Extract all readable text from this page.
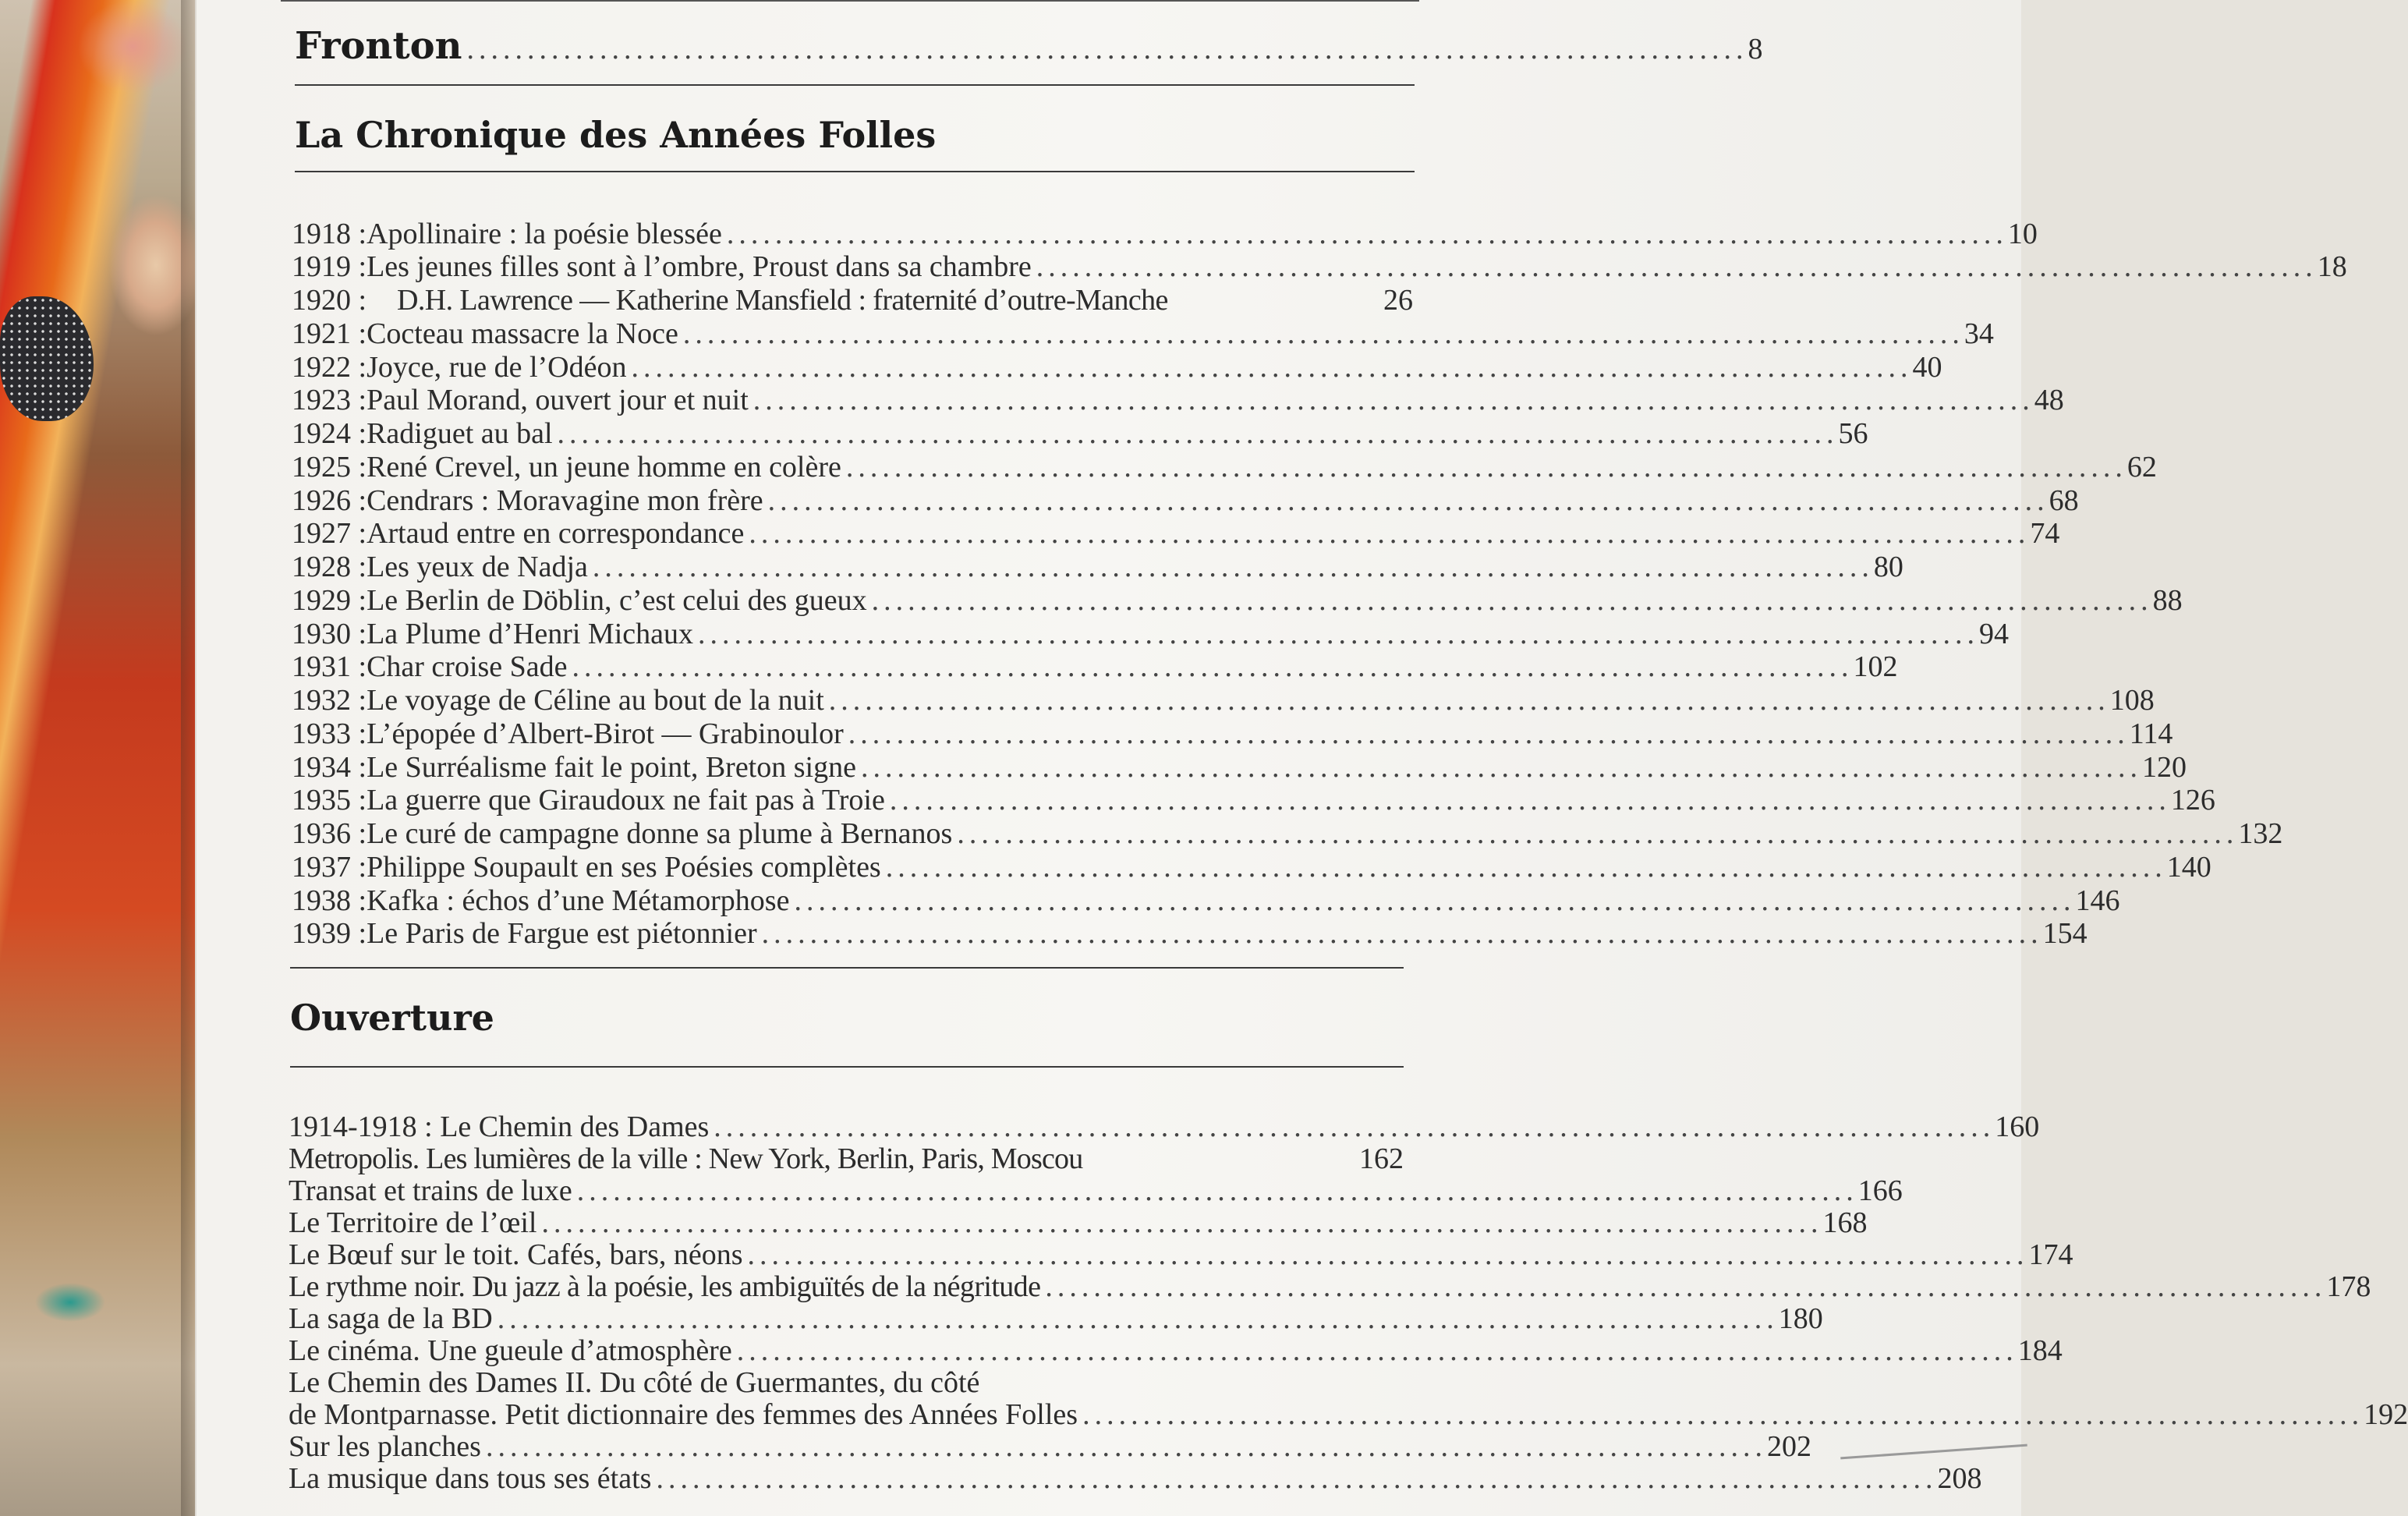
Fronton .......................................................................................................... 8
La Chronique des Années Folles
1918 : Apollinaire : la poésie blessée .......................................................................................................... 10
1919 : Les jeunes filles sont à l’ombre, Proust dans sa chambre .......................................................................................................... 18
1920 :	D.H. Lawrence — Katherine Mansfield : fraternité d’outre-Manche	26
1921 : Cocteau massacre la Noce .......................................................................................................... 34
1922 : Joyce, rue de l’Odéon .......................................................................................................... 40
1923 : Paul Morand, ouvert jour et nuit .......................................................................................................... 48
1924 : Radiguet au bal .......................................................................................................... 56
1925 : René Crevel, un jeune homme en colère .......................................................................................................... 62
1926 : Cendrars : Moravagine mon frère .......................................................................................................... 68
1927 : Artaud entre en correspondance .......................................................................................................... 74
1928 : Les yeux de Nadja .......................................................................................................... 80
1929 : Le Berlin de Döblin, c’est celui des gueux .......................................................................................................... 88
1930 : La Plume d’Henri Michaux .......................................................................................................... 94
1931 : Char croise Sade .......................................................................................................... 102
1932 : Le voyage de Céline au bout de la nuit .......................................................................................................... 108
1933 : L’épopée d’Albert-Birot — Grabinoulor .......................................................................................................... 114
1934 : Le Surréalisme fait le point, Breton signe .......................................................................................................... 120
1935 : La guerre que Giraudoux ne fait pas à Troie .......................................................................................................... 126
1936 : Le curé de campagne donne sa plume à Bernanos .......................................................................................................... 132
1937 : Philippe Soupault en ses Poésies complètes .......................................................................................................... 140
1938 : Kafka : échos d’une Métamorphose .......................................................................................................... 146
1939 : Le Paris de Fargue est piétonnier .......................................................................................................... 154
Ouverture
1914-1918 : Le Chemin des Dames .......................................................................................................... 160
Metropolis. Les lumières de la ville : New York, Berlin, Paris, Moscou	162
Transat et trains de luxe .......................................................................................................... 166
Le Territoire de l’œil .......................................................................................................... 168
Le Bœuf sur le toit. Cafés, bars, néons .......................................................................................................... 174
Le rythme noir. Du jazz à la poésie, les ambiguïtés de la négritude .......................................................................................................... 178
La saga de la BD .......................................................................................................... 180
Le cinéma. Une gueule d’atmosphère .......................................................................................................... 184
Le Chemin des Dames II. Du côté de Guermantes, du côté
de Montparnasse. Petit dictionnaire des femmes des Années Folles .......................................................................................................... 192
Sur les planches .......................................................................................................... 202
La musique dans tous ses états .......................................................................................................... 208
